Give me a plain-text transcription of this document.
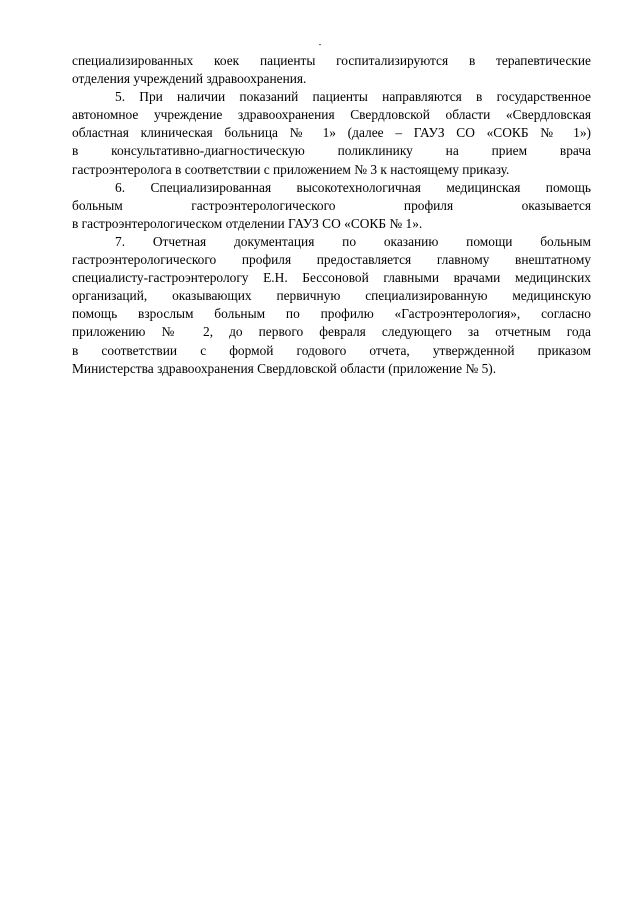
-
специализированных коек пациенты госпитализируются в терапевтические
отделения учреждений здравоохранения.
5. При наличии показаний пациенты направляются в государственное
автономное учреждение здравоохранения Свердловской области «Свердловская
областная клиническая больница № 1» (далее – ГАУЗ СО «СОКБ № 1»)
в консультативно-диагностическую поликлинику на прием врача
гастроэнтеролога в соответствии с приложением № 3 к настоящему приказу.
6. Специализированная высокотехнологичная медицинская помощь
больным гастроэнтерологического профиля оказывается
в гастроэнтерологическом отделении ГАУЗ СО «СОКБ № 1».
7. Отчетная документация по оказанию помощи больным
гастроэнтерологического профиля предоставляется главному внештатному
специалисту-гастроэнтерологу Е.Н. Бессоновой главными врачами медицинских
организаций, оказывающих первичную специализированную медицинскую
помощь взрослым больным по профилю «Гастроэнтерология», согласно
приложению № 2, до первого февраля следующего за отчетным года
в соответствии с формой годового отчета, утвержденной приказом
Министерства здравоохранения Свердловской области (приложение № 5).
